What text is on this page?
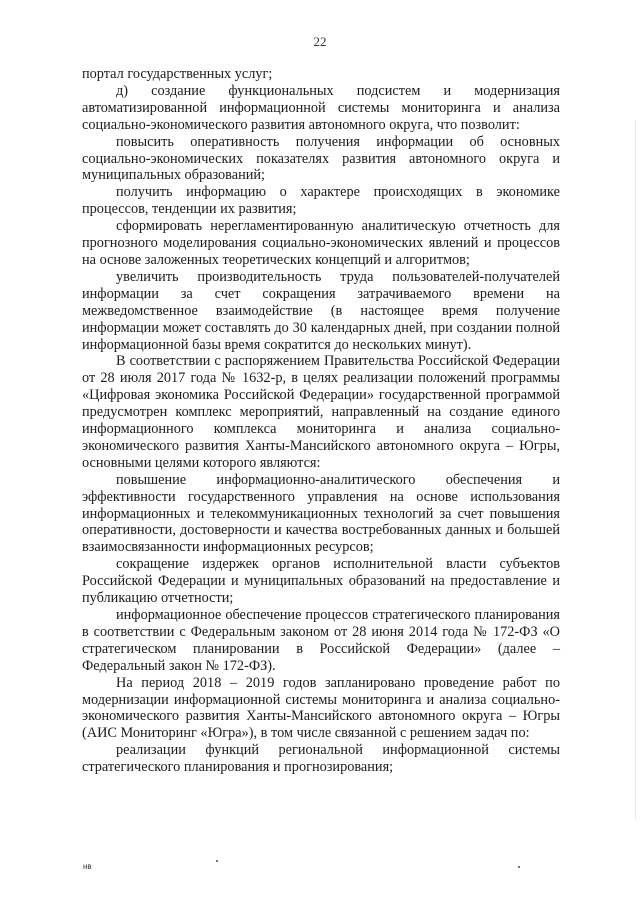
22

портал государственных услуг;

д) создание функциональных подсистем и модернизация автоматизированной информационной системы мониторинга и анализа социально-экономического развития автономного округа, что позволит:

повысить оперативность получения информации об основных социально-экономических показателях развития автономного округа и муниципальных образований;

получить информацию о характере происходящих в экономике процессов, тенденции их развития;

сформировать нерегламентированную аналитическую отчетность для прогнозного моделирования социально-экономических явлений и процессов на основе заложенных теоретических концепций и алгоритмов;

увеличить производительность труда пользователей-получателей информации за счет сокращения затрачиваемого времени на межведомственное взаимодействие (в настоящее время получение информации может составлять до 30 календарных дней, при создании полной информационной базы время сократится до нескольких минут).

В соответствии с распоряжением Правительства Российской Федерации от 28 июля 2017 года № 1632-р, в целях реализации положений программы «Цифровая экономика Российской Федерации» государственной программой предусмотрен комплекс мероприятий, направленный на создание единого информационного комплекса мониторинга и анализа социально-экономического развития Ханты-Мансийского автономного округа – Югры, основными целями которого являются:

повышение информационно-аналитического обеспечения и эффективности государственного управления на основе использования информационных и телекоммуникационных технологий за счет повышения оперативности, достоверности и качества востребованных данных и большей взаимосвязанности информационных ресурсов;

сокращение издержек органов исполнительной власти субъектов Российской Федерации и муниципальных образований на предоставление и публикацию отчетности;

информационное обеспечение процессов стратегического планирования в соответствии с Федеральным законом от 28 июня 2014 года № 172-ФЗ «О стратегическом планировании в Российской Федерации» (далее – Федеральный закон № 172-ФЗ).

На период 2018 – 2019 годов запланировано проведение работ по модернизации информационной системы мониторинга и анализа социально-экономического развития Ханты-Мансийского автономного округа – Югры (АИС Мониторинг «Югра»), в том числе связанной с решением задач по:

реализации функций региональной информационной системы стратегического планирования и прогнозирования;

нв
